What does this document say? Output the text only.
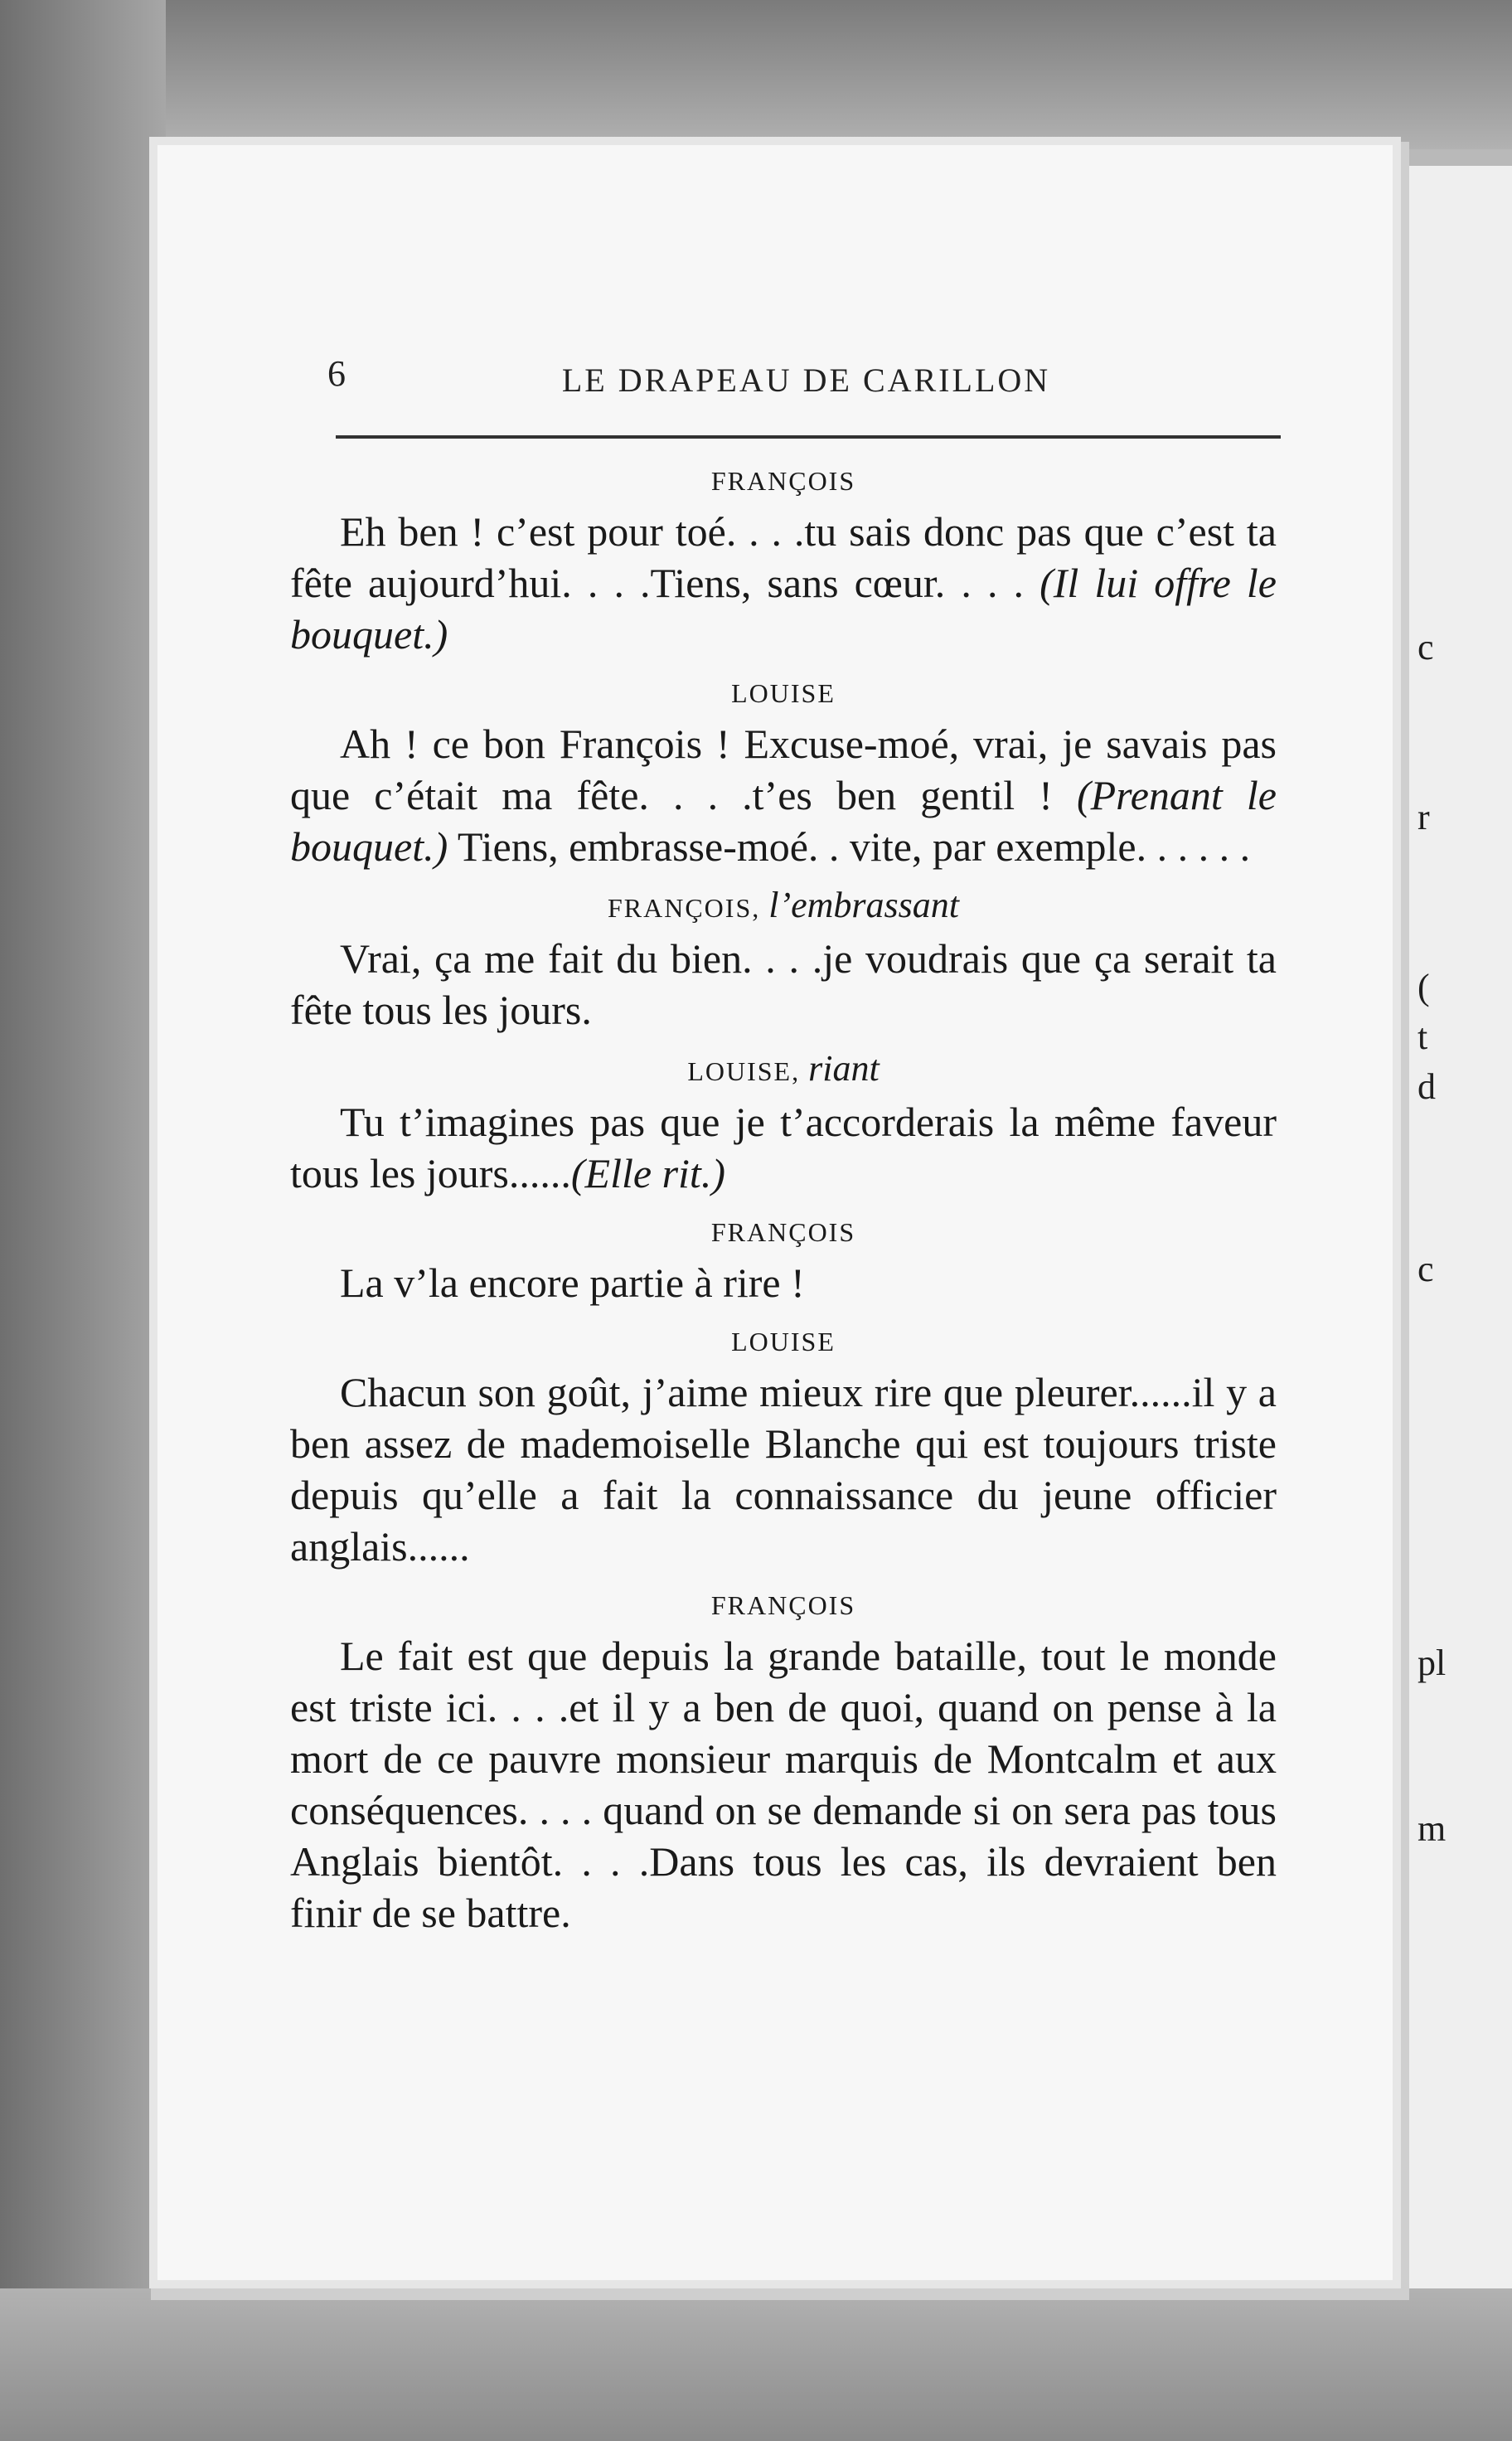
c
r
(
t
d
c
pl
m
6	LE DRAPEAU DE CARILLON
FRANÇOIS

Eh ben ! c’est pour toé. . . .tu sais donc pas que c’est ta fête aujourd’hui. . . .Tiens, sans cœur. . . . (Il lui offre le bouquet.)

LOUISE

Ah ! ce bon François ! Excuse-moé, vrai, je savais pas que c’était ma fête. . . .t’es ben gentil ! (Prenant le bouquet.) Tiens, embrasse-moé. . vite, par exemple. . . . . .

FRANÇOIS, l’embrassant

Vrai, ça me fait du bien. . . .je voudrais que ça serait ta fête tous les jours.

LOUISE, riant

Tu t’imagines pas que je t’accorderais la même faveur tous les jours......(Elle rit.)

FRANÇOIS

La v’la encore partie à rire !

LOUISE

Chacun son goût, j’aime mieux rire que pleurer......il y a ben assez de mademoiselle Blanche qui est toujours triste depuis qu’elle a fait la connaissance du jeune officier anglais......

FRANÇOIS

Le fait est que depuis la grande bataille, tout le monde est triste ici. . . .et il y a ben de quoi, quand on pense à la mort de ce pauvre monsieur marquis de Montcalm et aux conséquences. . . . quand on se demande si on sera pas tous Anglais bientôt. . . .Dans tous les cas, ils devraient ben finir de se battre.
